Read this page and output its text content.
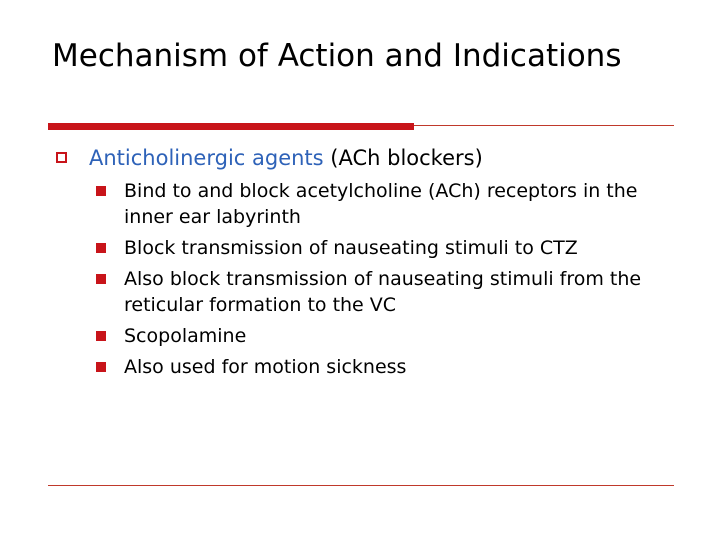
Mechanism of Action and Indications
Anticholinergic agents (ACh blockers)
Bind to and block acetylcholine (ACh) receptors in the inner ear labyrinth
Block transmission of nauseating stimuli to CTZ
Also block transmission of nauseating stimuli from the reticular formation to the VC
Scopolamine
Also used for motion sickness
